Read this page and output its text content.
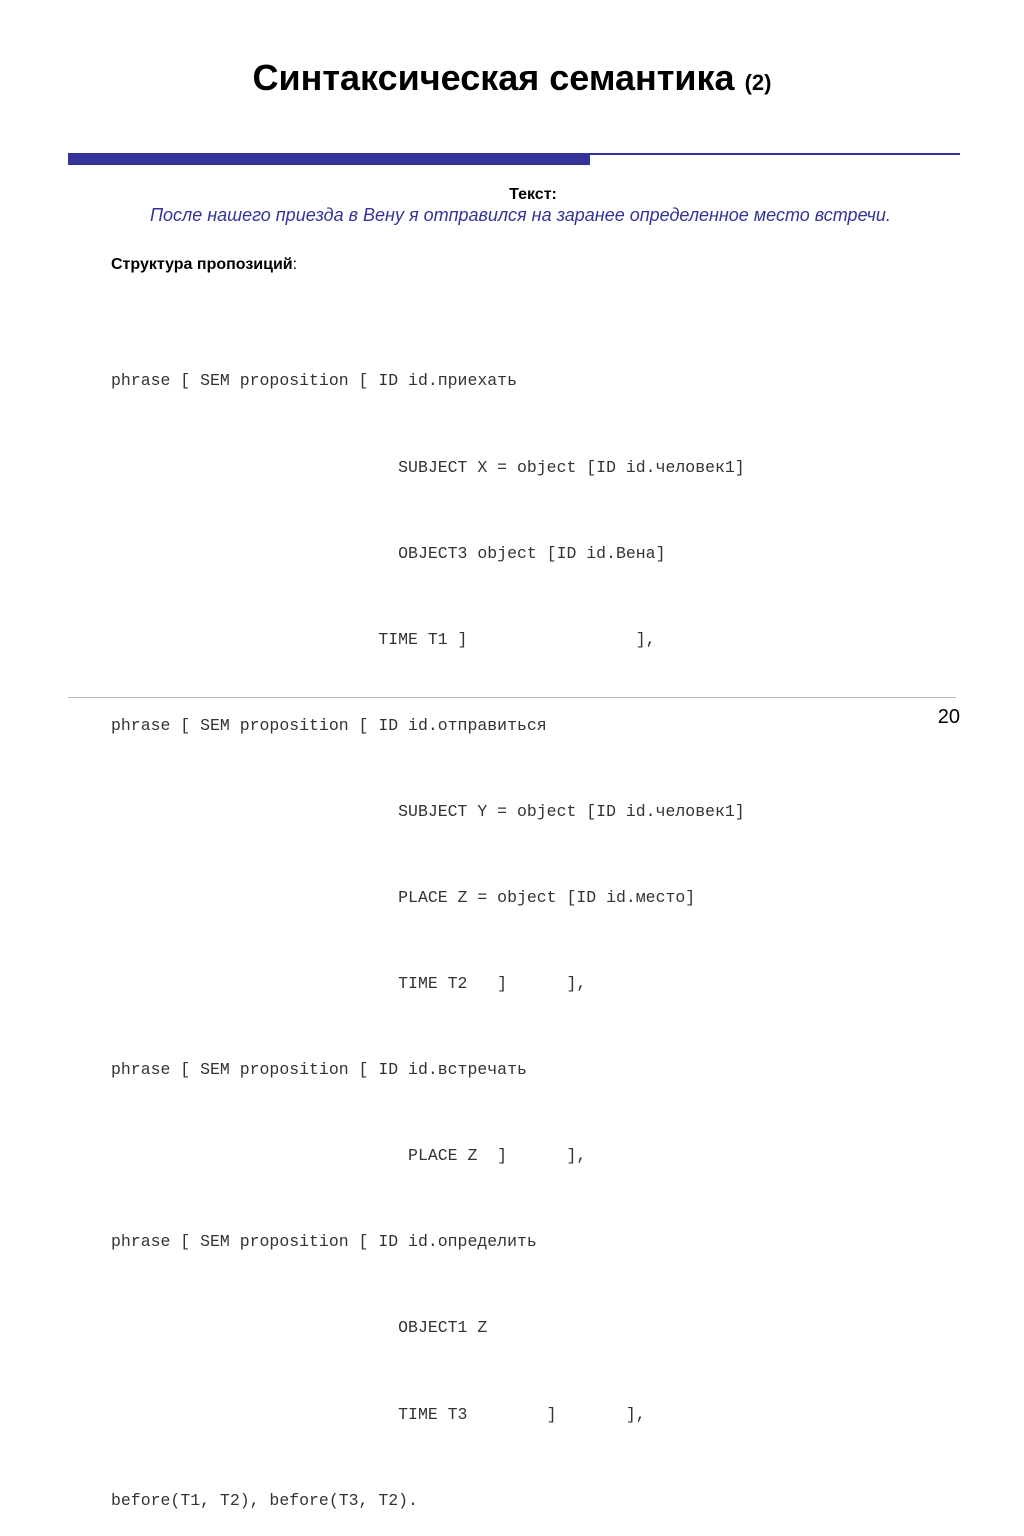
Синтаксическая семантика (2)
Текст:
После нашего приезда в Вену я отправился на заранее определенное место встречи.
Структура пропозиций:

phrase [ SEM proposition [ ID id.приехать

SUBJECT X = object [ID id.человек1]

OBJECT3 object [ID id.Вена]

TIME T1 ]                 ],

phrase [ SEM proposition [ ID id.отправиться

SUBJECT Y = object [ID id.человек1]

PLACE Z = object [ID id.место]

TIME T2   ]      ],

phrase [ SEM proposition [ ID id.встречать

PLACE Z  ]      ],

phrase [ SEM proposition [ ID id.определить

OBJECT1 Z

TIME T3        ]       ],

before(T1, T2), before(T3, T2).

20
